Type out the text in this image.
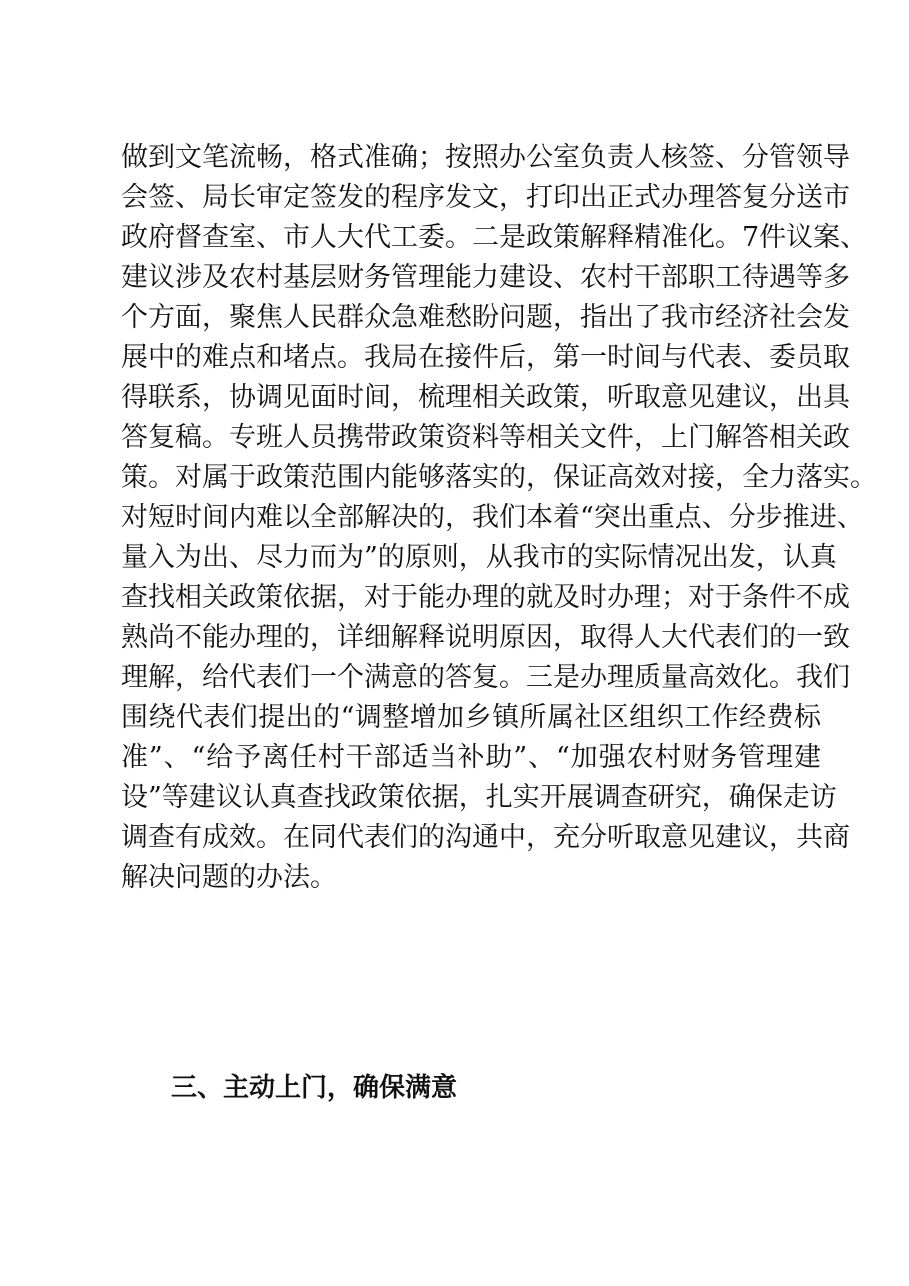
做到文笔流畅，格式准确；按照办公室负责人核签、分管领导
会签、局长审定签发的程序发文，打印出正式办理答复分送市
政府督查室、市人大代工委。二是政策解释精准化。7件议案、
建议涉及农村基层财务管理能力建设、农村干部职工待遇等多
个方面，聚焦人民群众急难愁盼问题，指出了我市经济社会发
展中的难点和堵点。我局在接件后，第一时间与代表、委员取
得联系，协调见面时间，梳理相关政策，听取意见建议，出具
答复稿。专班人员携带政策资料等相关文件，上门解答相关政
策。对属于政策范围内能够落实的，保证高效对接，全力落实。
对短时间内难以全部解决的，我们本着“突出重点、分步推进、
量入为出、尽力而为”的原则，从我市的实际情况出发，认真
查找相关政策依据，对于能办理的就及时办理；对于条件不成
熟尚不能办理的，详细解释说明原因，取得人大代表们的一致
理解，给代表们一个满意的答复。三是办理质量高效化。我们
围绕代表们提出的“调整增加乡镇所属社区组织工作经费标
准”、“给予离任村干部适当补助”、“加强农村财务管理建
设”等建议认真查找政策依据，扎实开展调查研究，确保走访
调查有成效。在同代表们的沟通中，充分听取意见建议，共商
解决问题的办法。
三、主动上门，确保满意
